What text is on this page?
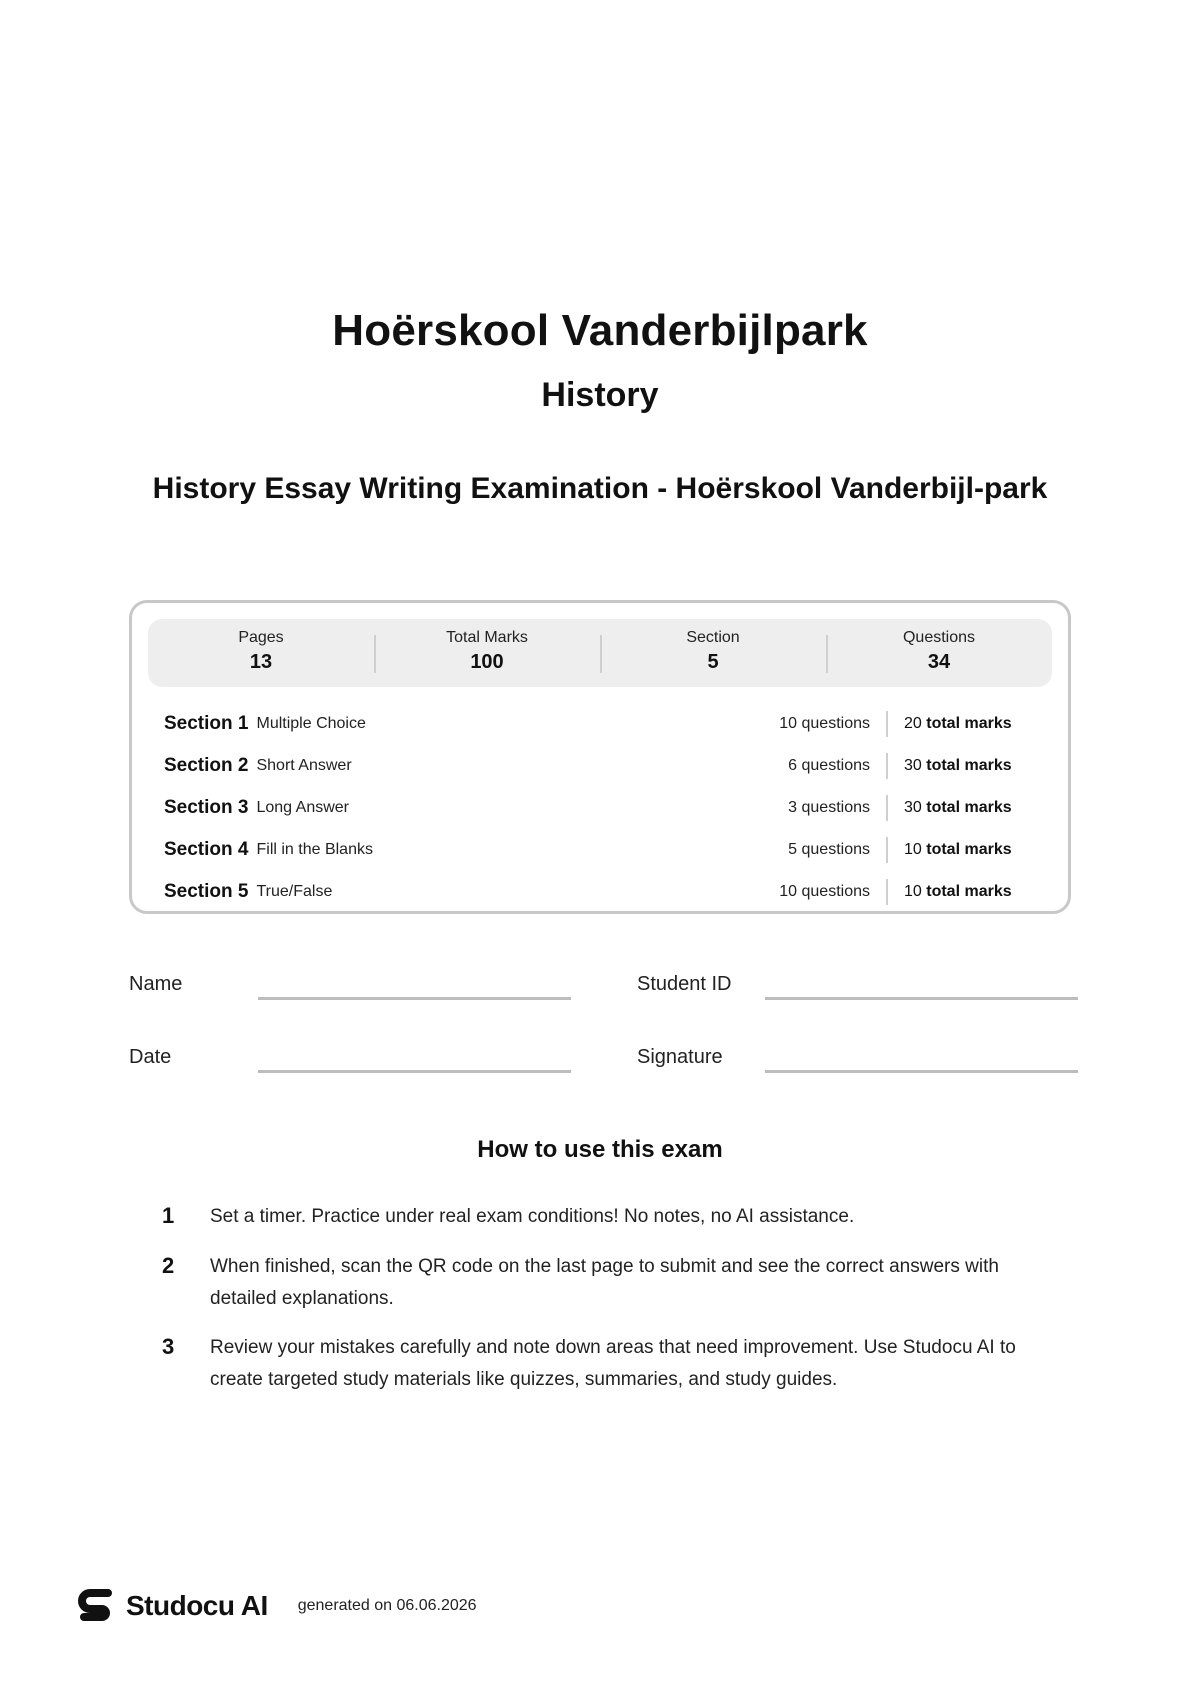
Hoërskool Vanderbijlpark
History
History Essay Writing Examination - Hoërskool Vanderbijl-park
Pages
13
Total Marks
100
Section
5
Questions
34
Section 1 Multiple Choice	10 questions	20 total marks
Section 2 Short Answer	6 questions	30 total marks
Section 3 Long Answer	3 questions	30 total marks
Section 4 Fill in the Blanks	5 questions	10 total marks
Section 5 True/False	10 questions	10 total marks
Name	Student ID
Date	Signature
How to use this exam
1	Set a timer. Practice under real exam conditions! No notes, no AI assistance.
2	When finished, scan the QR code on the last page to submit and see the correct answers with detailed explanations.
3	Review your mistakes carefully and note down areas that need improvement. Use Studocu AI to create targeted study materials like quizzes, summaries, and study guides.
Studocu AI generated on 06.06.2026
